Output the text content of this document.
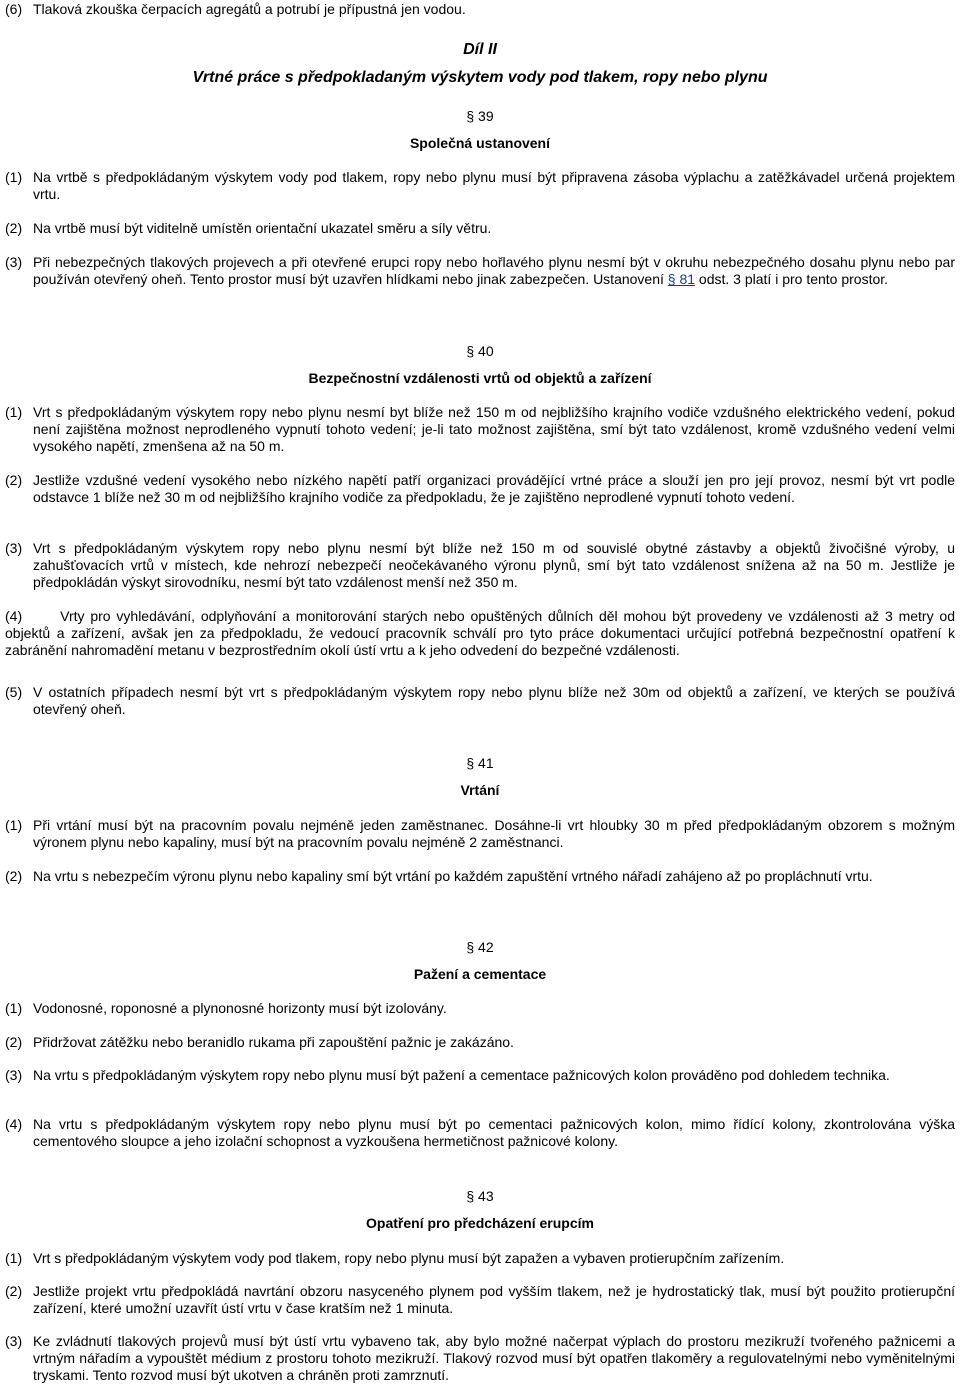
(6) Tlaková zkouška čerpacích agregátů a potrubí je přípustná jen vodou.
Díl II
Vrtné práce s předpokladaným výskytem vody pod tlakem, ropy nebo plynu
§ 39
Společná ustanovení
(1) Na vrtbě s předpokládaným výskytem vody pod tlakem, ropy nebo plynu musí být připravena zásoba výplachu a zatěžkávadel určená projektem vrtu.
(2) Na vrtbě musí být viditelně umístěn orientační ukazatel směru a síly větru.
(3) Při nebezpečných tlakových projevech a při otevřené erupci ropy nebo hořlavého plynu nesmí být v okruhu nebezpečného dosahu plynu nebo par používán otevřený oheň. Tento prostor musí být uzavřen hlídkami nebo jinak zabezpečen. Ustanovení § 81 odst. 3 platí i pro tento prostor.
§ 40
Bezpečnostní vzdálenosti vrtů od objektů a zařízení
(1) Vrt s předpokládaným výskytem ropy nebo plynu nesmí byt blíže než 150 m od nejbližšího krajního vodiče vzdušného elektrického vedení, pokud není zajištěna možnost neprodleného vypnutí tohoto vedení; je-li tato možnost zajištěna, smí být tato vzdálenost, kromě vzdušného vedení velmi vysokého napětí, zmenšena až na 50 m.
(2) Jestliže vzdušné vedení vysokého nebo nízkého napětí patří organizaci provádějící vrtné práce a slouží jen pro její provoz, nesmí být vrt podle odstavce 1 blíže než 30 m od nejbližšího krajního vodiče za předpokladu, že je zajištěno neprodlené vypnutí tohoto vedení.
(3) Vrt s předpokládaným výskytem ropy nebo plynu nesmí být blíže než 150 m od souvislé obytné zástavby a objektů živočišné výroby, u zahušťovacích vrtů v místech, kde nehrozí nebezpečí neočekávaného výronu plynů, smí být tato vzdálenost snížena až na 50 m. Jestliže je předpokládán výskyt sirovodníku, nesmí být tato vzdálenost menší než 350 m.
(4)	Vrty pro vyhledávání, odplyňování a monitorování starých nebo opuštěných důlních děl mohou být provedeny ve vzdálenosti až 3 metry od objektů a zařízení, avšak jen za předpokladu, že vedoucí pracovník schválí pro tyto práce dokumentaci určující potřebná bezpečnostní opatření k zabránění nahromadění metanu v bezprostředním okolí ústí vrtu a k jeho odvedení do bezpečné vzdálenosti.
(5) V ostatních případech nesmí být vrt s předpokládaným výskytem ropy nebo plynu blíže než 30m od objektů a zařízení, ve kterých se používá otevřený oheň.
§ 41
Vrtání
(1) Při vrtání musí být na pracovním povalu nejméně jeden zaměstnanec. Dosáhne-li vrt hloubky 30 m před předpokládaným obzorem s možným výronem plynu nebo kapaliny, musí být na pracovním povalu nejméně 2 zaměstnanci.
(2) Na vrtu s nebezpečím výronu plynu nebo kapaliny smí být vrtání po každém zapuštění vrtného nářadí zahájeno až po propláchnutí vrtu.
§ 42
Pažení a cementace
(1) Vodonosné, roponosné a plynonosné horizonty musí být izolovány.
(2) Přidržovat zátěžku nebo beranidlo rukama při zapouštění pažnic je zakázáno.
(3) Na vrtu s předpokládaným výskytem ropy nebo plynu musí být pažení a cementace pažnicových kolon prováděno pod dohledem technika.
(4) Na vrtu s předpokládaným výskytem ropy nebo plynu musí být po cementaci pažnicových kolon, mimo řídící kolony, zkontrolována výška cementového sloupce a jeho izolační schopnost a vyzkoušena hermetičnost pažnicové kolony.
§ 43
Opatření pro předcházení erupcím
(1) Vrt s předpokládaným výskytem vody pod tlakem, ropy nebo plynu musí být zapažen a vybaven protierupčním zařízením.
(2) Jestliže projekt vrtu předpokládá navrtání obzoru nasyceného plynem pod vyšším tlakem, než je hydrostatický tlak, musí být použito protierupční zařízení, které umožní uzavřít ústí vrtu v čase kratším než 1 minuta.
(3) Ke zvládnutí tlakových projevů musí být ústí vrtu vybaveno tak, aby bylo možné načerpat výplach do prostoru mezikruží tvořeného pažnicemi a vrtným nářadím a vypouštět médium z prostoru tohoto mezikruží. Tlakový rozvod musí být opatřen tlakoměry a regulovatelnými nebo vyměnitelnými tryskami. Tento rozvod musí být ukotven a chráněn proti zamrznutí.
